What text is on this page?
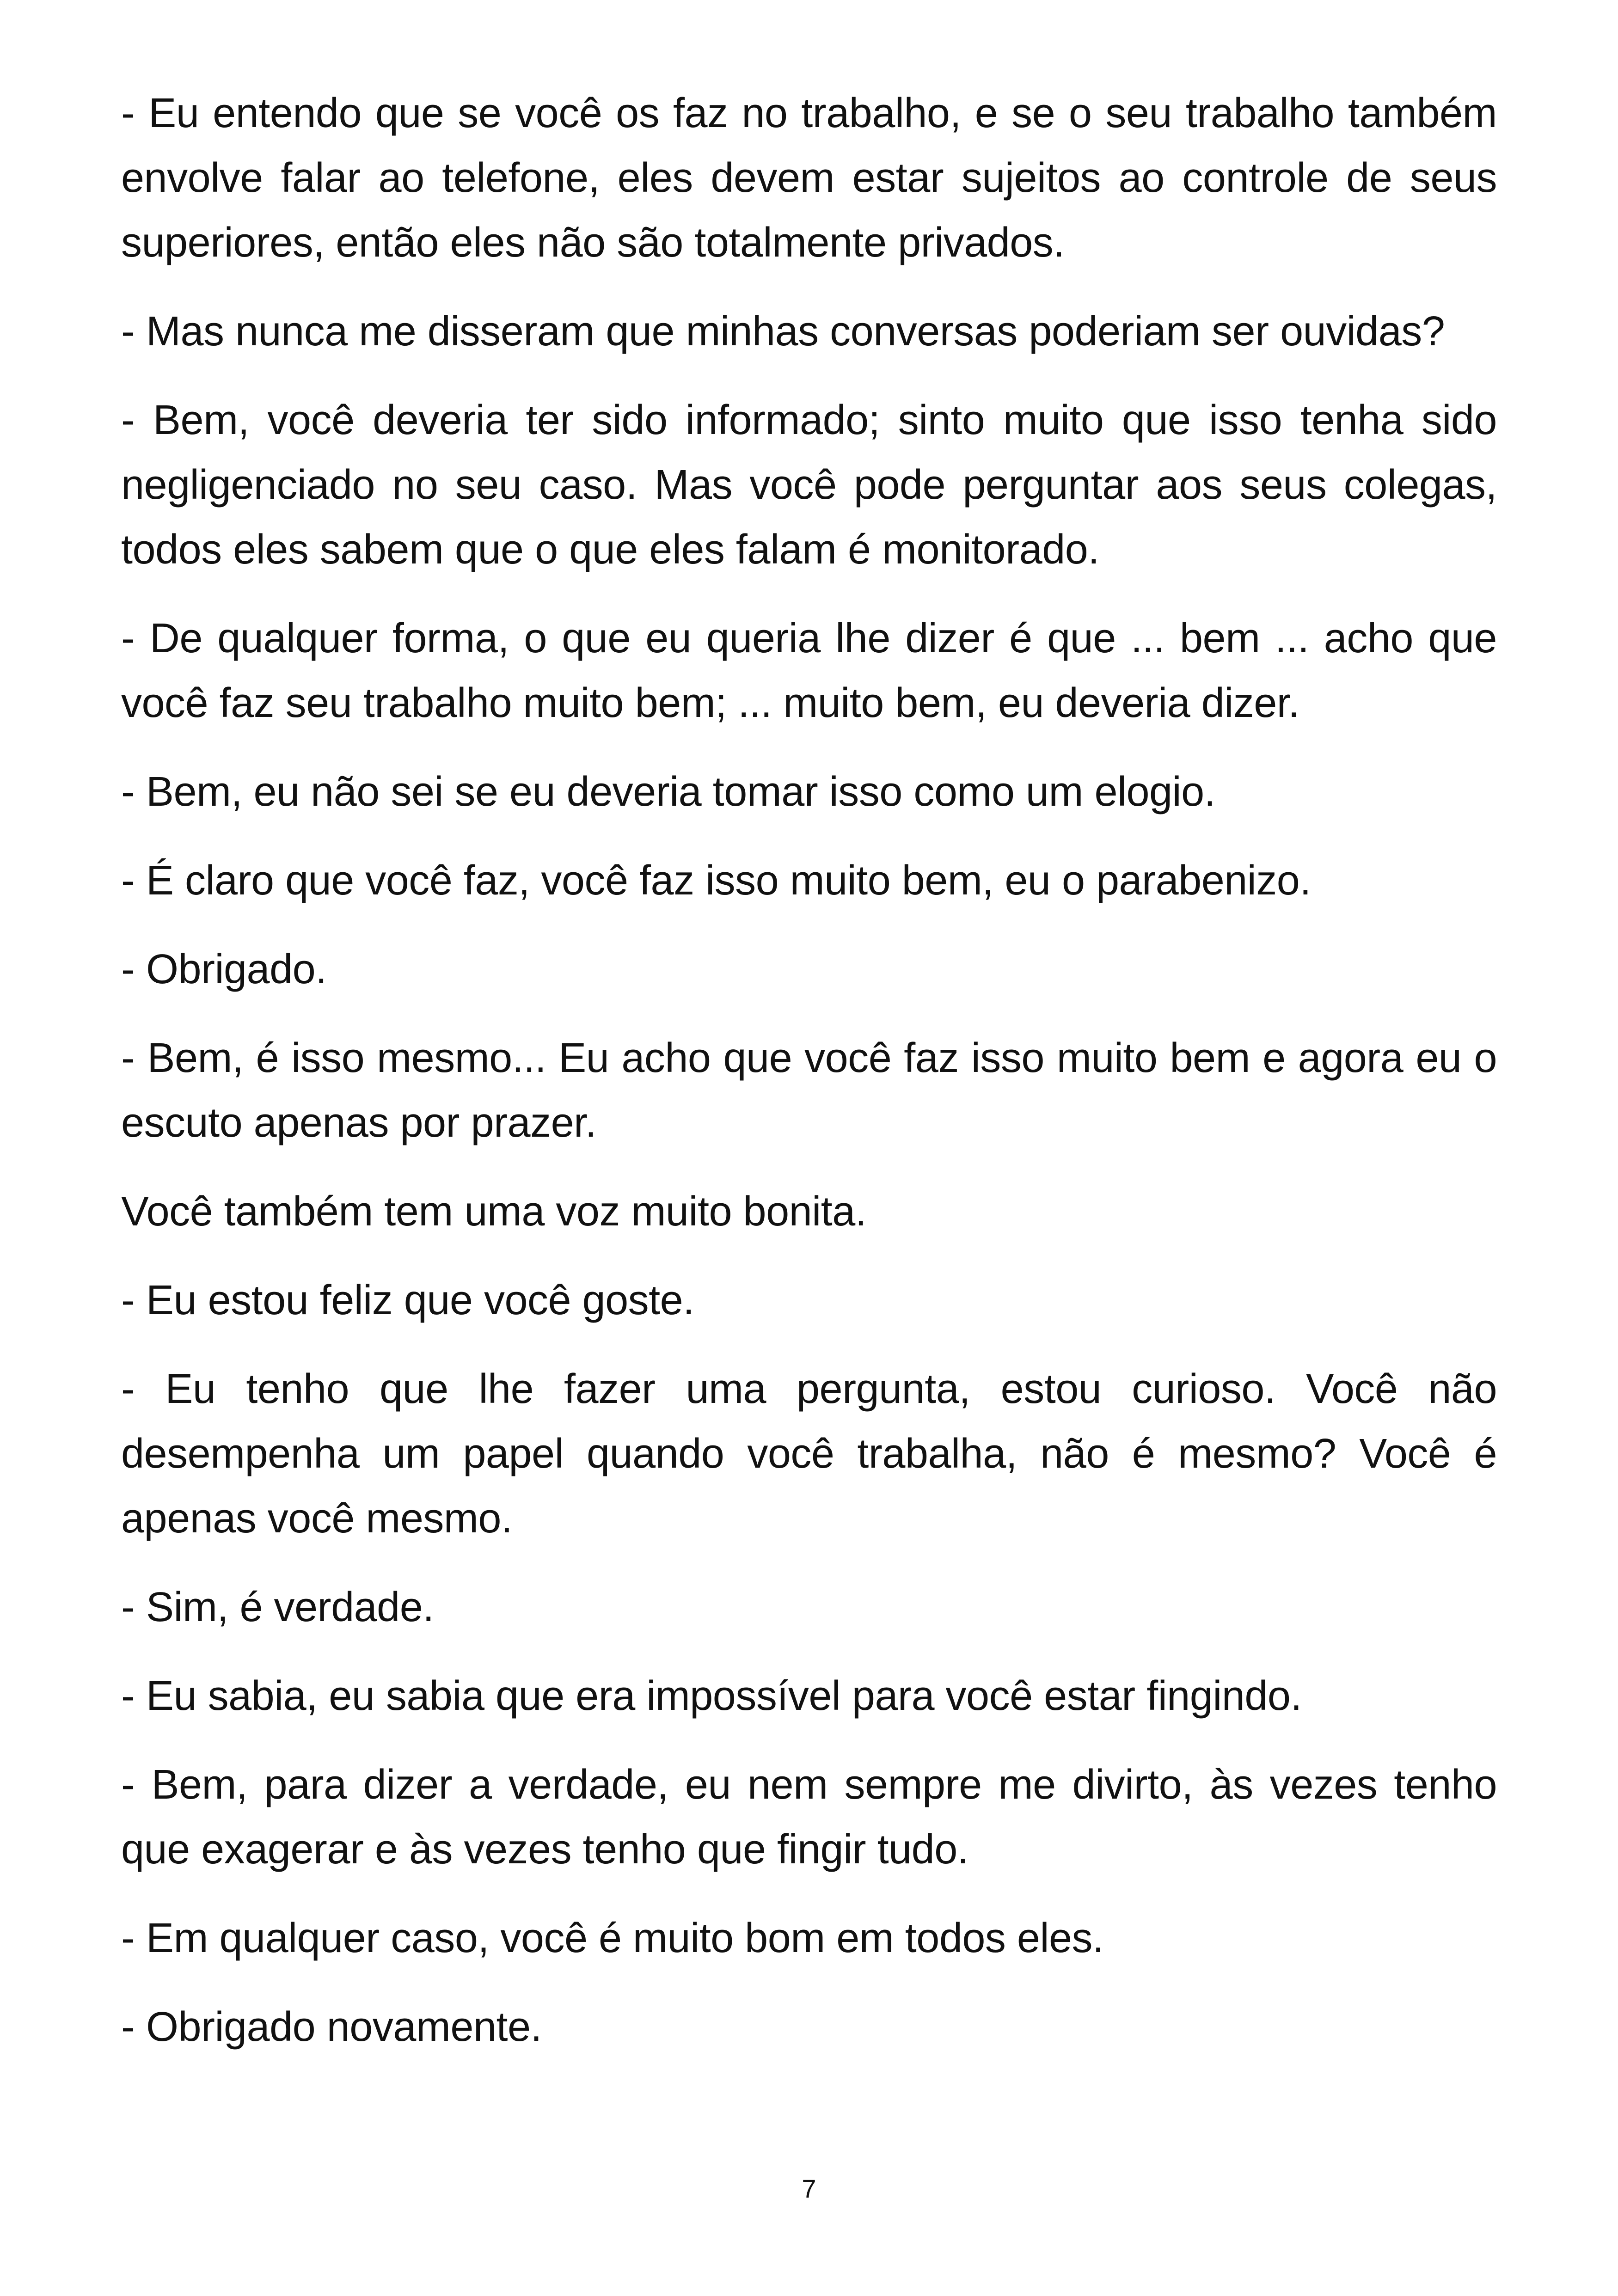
- Eu entendo que se você os faz no trabalho, e se o seu trabalho também envolve falar ao telefone, eles devem estar sujeitos ao controle de seus superiores, então eles não são totalmente privados.

- Mas nunca me disseram que minhas conversas poderiam ser ouvidas?

- Bem, você deveria ter sido informado; sinto muito que isso tenha sido negligenciado no seu caso. Mas você pode perguntar aos seus colegas, todos eles sabem que o que eles falam é monitorado.

- De qualquer forma, o que eu queria lhe dizer é que ... bem ... acho que você faz seu trabalho muito bem; ... muito bem, eu deveria dizer.

- Bem, eu não sei se eu deveria tomar isso como um elogio.

- É claro que você faz, você faz isso muito bem, eu o parabenizo.

- Obrigado.

- Bem, é isso mesmo... Eu acho que você faz isso muito bem e agora eu o escuto apenas por prazer.

Você também tem uma voz muito bonita.

- Eu estou feliz que você goste.

- Eu tenho que lhe fazer uma pergunta, estou curioso. Você não desempenha um papel quando você trabalha, não é mesmo? Você é apenas você mesmo.

- Sim, é verdade.

- Eu sabia, eu sabia que era impossível para você estar fingindo.

- Bem, para dizer a verdade, eu nem sempre me divirto, às vezes tenho que exagerar e às vezes tenho que fingir tudo.

- Em qualquer caso, você é muito bom em todos eles.

- Obrigado novamente.

7
